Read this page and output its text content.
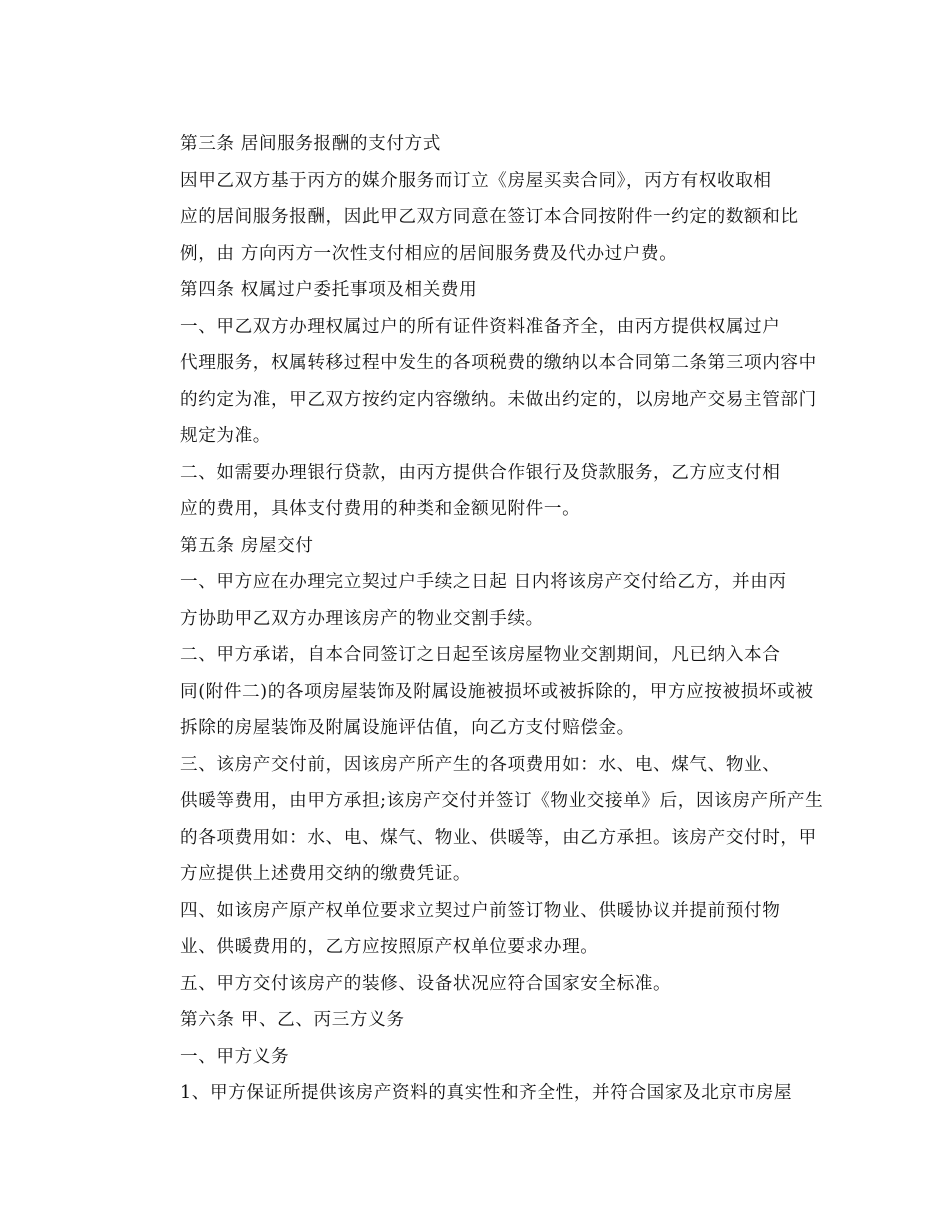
第三条 居间服务报酬的支付方式

因甲乙双方基于丙方的媒介服务而订立《房屋买卖合同》，丙方有权收取相
应的居间服务报酬，因此甲乙双方同意在签订本合同按附件一约定的数额和比
例，由 方向丙方一次性支付相应的居间服务费及代办过户费。

第四条 权属过户委托事项及相关费用

一、甲乙双方办理权属过户的所有证件资料准备齐全，由丙方提供权属过户
代理服务，权属转移过程中发生的各项税费的缴纳以本合同第二条第三项内容中
的约定为准，甲乙双方按约定内容缴纳。未做出约定的，以房地产交易主管部门
规定为准。

二、如需要办理银行贷款，由丙方提供合作银行及贷款服务，乙方应支付相
应的费用，具体支付费用的种类和金额见附件一。

第五条 房屋交付

一、甲方应在办理完立契过户手续之日起 日内将该房产交付给乙方，并由丙
方协助甲乙双方办理该房产的物业交割手续。

二、甲方承诺，自本合同签订之日起至该房屋物业交割期间，凡已纳入本合
同(附件二)的各项房屋装饰及附属设施被损坏或被拆除的，甲方应按被损坏或被
拆除的房屋装饰及附属设施评估值，向乙方支付赔偿金。

三、该房产交付前，因该房产所产生的各项费用如：水、电、煤气、物业、
供暖等费用，由甲方承担;该房产交付并签订《物业交接单》后，因该房产所产生
的各项费用如：水、电、煤气、物业、供暖等，由乙方承担。该房产交付时，甲
方应提供上述费用交纳的缴费凭证。

四、如该房产原产权单位要求立契过户前签订物业、供暖协议并提前预付物
业、供暖费用的，乙方应按照原产权单位要求办理。

五、甲方交付该房产的装修、设备状况应符合国家安全标准。

第六条 甲、乙、丙三方义务

一、甲方义务

1、甲方保证所提供该房产资料的真实性和齐全性，并符合国家及北京市房屋
